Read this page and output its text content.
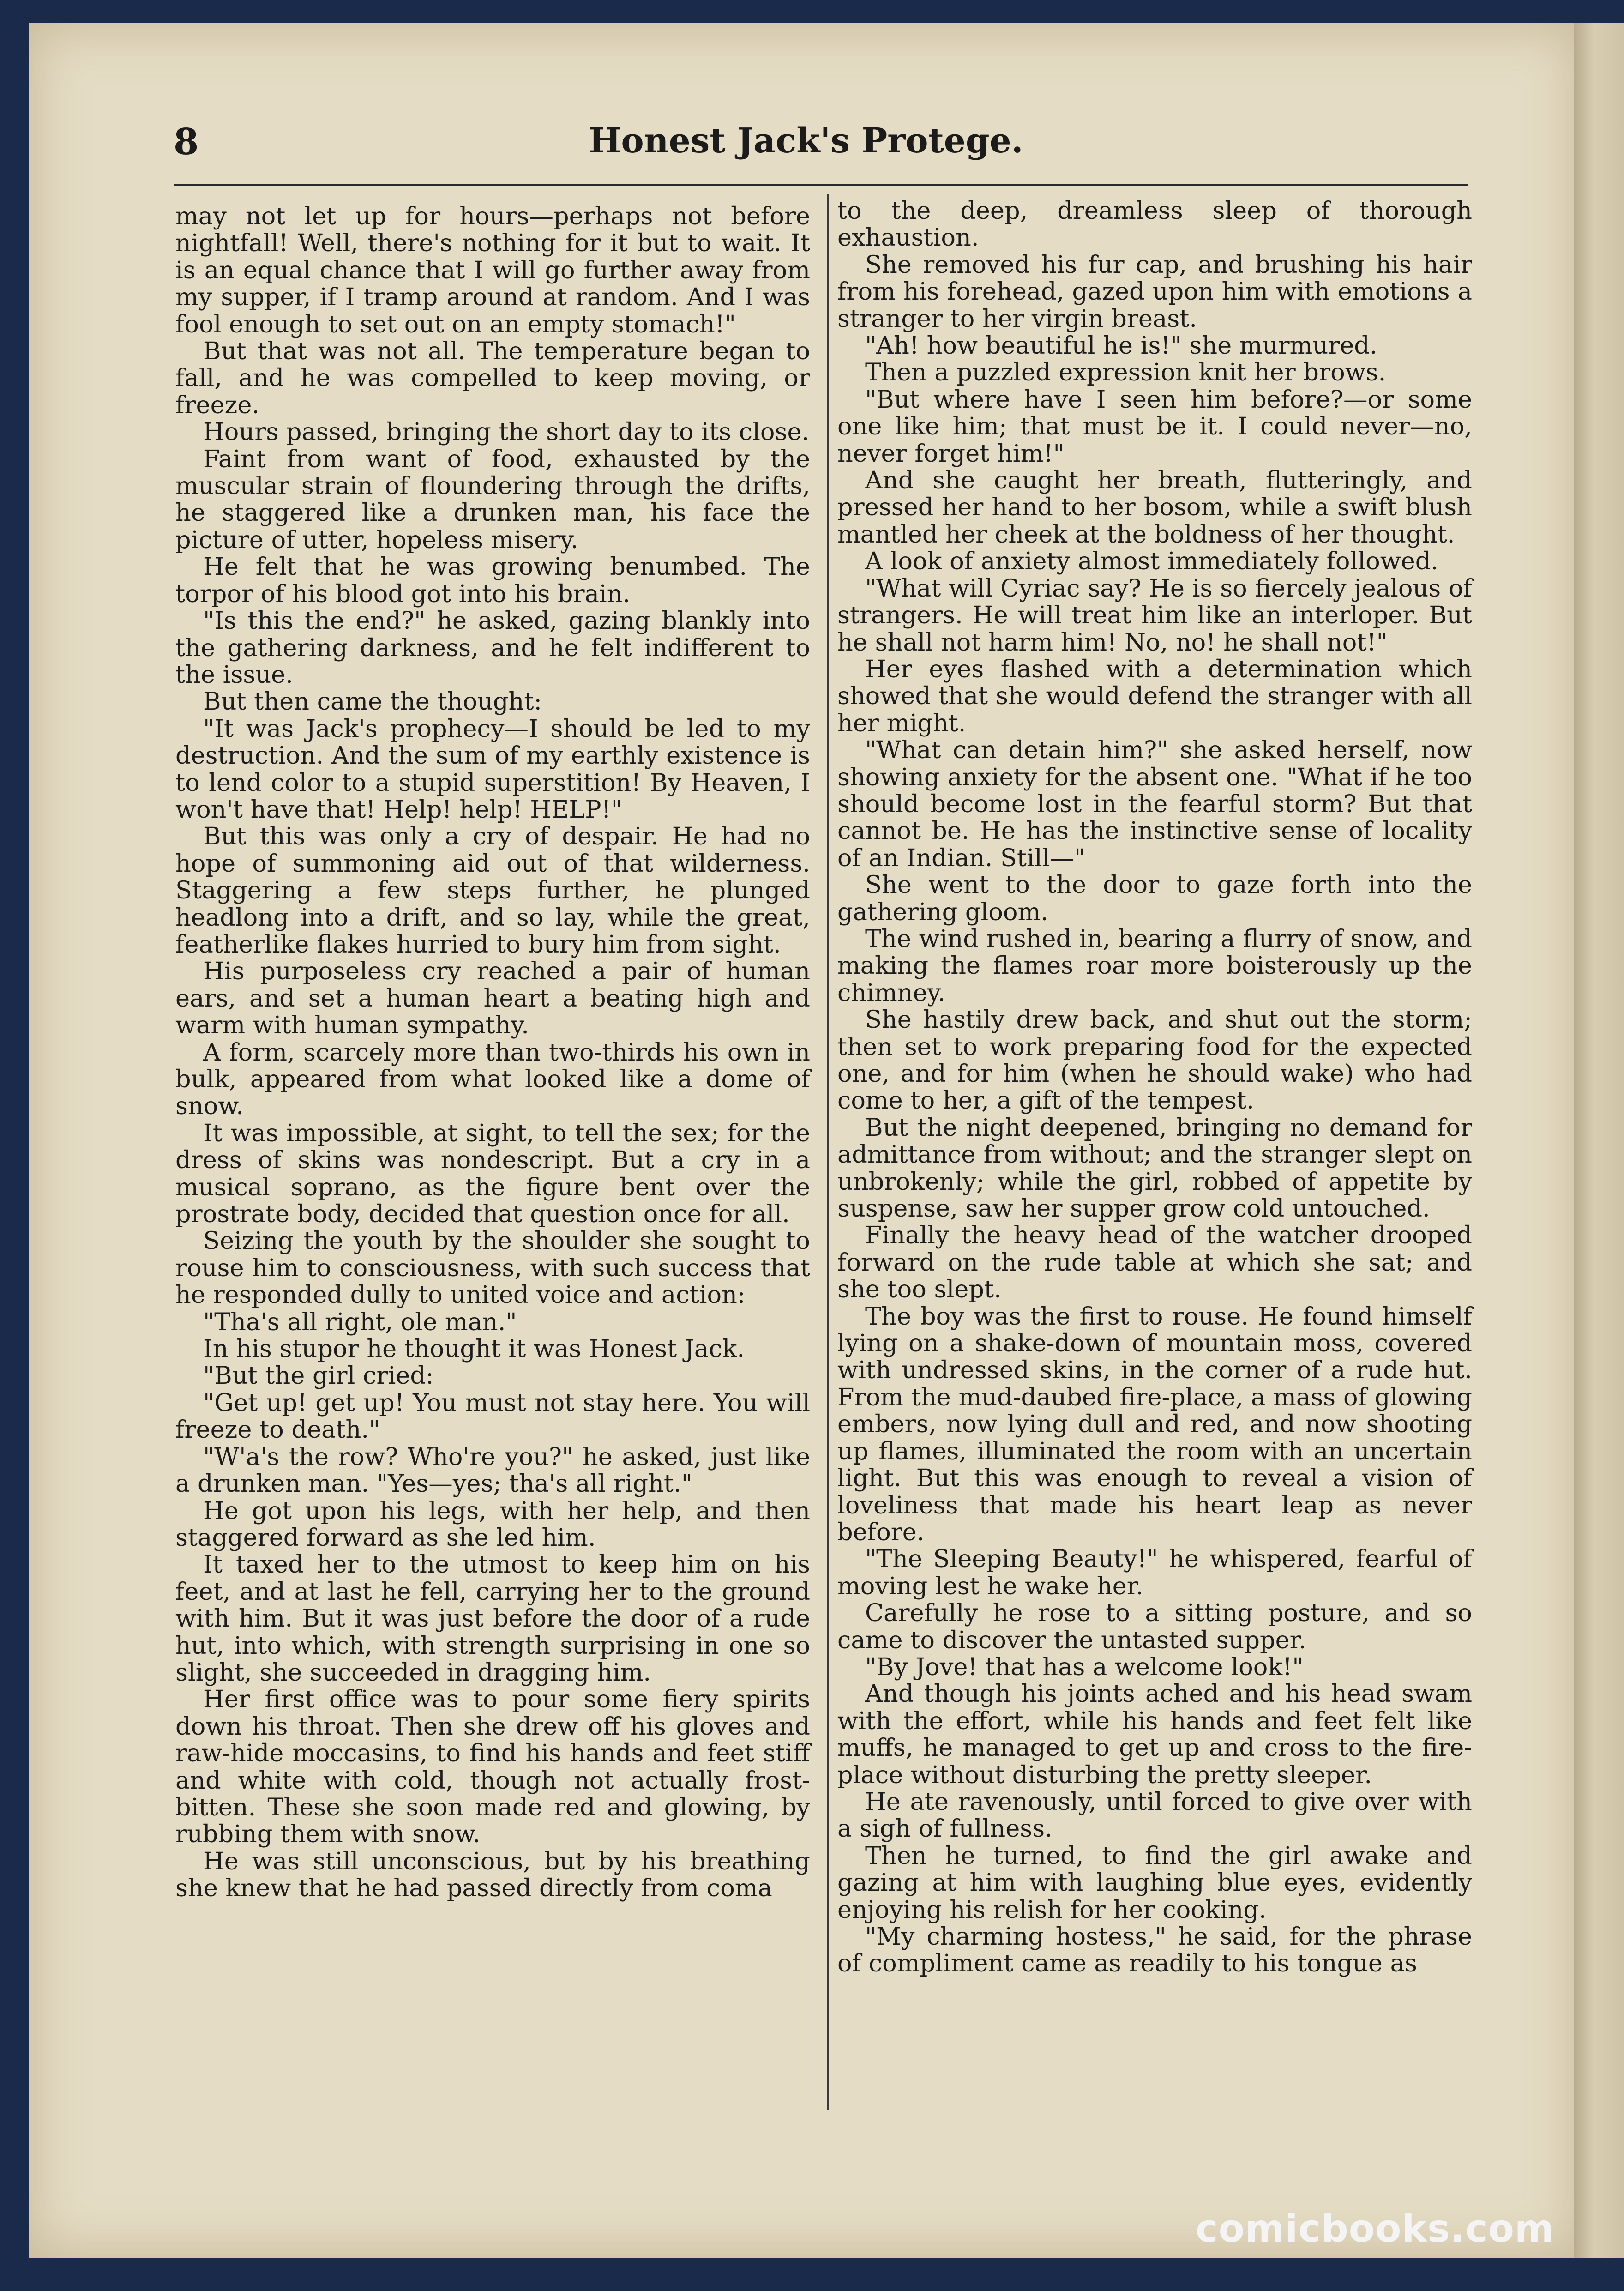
8	Honest Jack's Protege.

may not let up for hours—perhaps not before nightfall! Well, there's nothing for it but to wait. It is an equal chance that I will go further away from my supper, if I tramp around at random. And I was fool enough to set out on an empty stomach!"

But that was not all. The temperature began to fall, and he was compelled to keep moving, or freeze.

Hours passed, bringing the short day to its close.

Faint from want of food, exhausted by the muscular strain of floundering through the drifts, he staggered like a drunken man, his face the picture of utter, hopeless misery.

He felt that he was growing benumbed. The torpor of his blood got into his brain.

"Is this the end?" he asked, gazing blankly into the gathering darkness, and he felt indifferent to the issue.

But then came the thought:

"It was Jack's prophecy—I should be led to my destruction. And the sum of my earthly existence is to lend color to a stupid superstition! By Heaven, I won't have that! Help! help! HELP!"

But this was only a cry of despair. He had no hope of summoning aid out of that wilderness. Staggering a few steps further, he plunged headlong into a drift, and so lay, while the great, featherlike flakes hurried to bury him from sight.

His purposeless cry reached a pair of human ears, and set a human heart a beating high and warm with human sympathy.

A form, scarcely more than two-thirds his own in bulk, appeared from what looked like a dome of snow.

It was impossible, at sight, to tell the sex; for the dress of skins was nondescript. But a cry in a musical soprano, as the figure bent over the prostrate body, decided that question once for all.

Seizing the youth by the shoulder she sought to rouse him to consciousness, with such success that he responded dully to united voice and action:

"Tha's all right, ole man."

In his stupor he thought it was Honest Jack.

"But the girl cried:

"Get up! get up! You must not stay here. You will freeze to death."

"W'a's the row? Who're you?" he asked, just like a drunken man. "Yes—yes; tha's all right."

He got upon his legs, with her help, and then staggered forward as she led him.

It taxed her to the utmost to keep him on his feet, and at last he fell, carrying her to the ground with him. But it was just before the door of a rude hut, into which, with strength surprising in one so slight, she succeeded in dragging him.

Her first office was to pour some fiery spirits down his throat. Then she drew off his gloves and raw-hide moccasins, to find his hands and feet stiff and white with cold, though not actually frost-bitten. These she soon made red and glowing, by rubbing them with snow.

He was still unconscious, but by his breathing she knew that he had passed directly from coma

to the deep, dreamless sleep of thorough exhaustion.

She removed his fur cap, and brushing his hair from his forehead, gazed upon him with emotions a stranger to her virgin breast.

"Ah! how beautiful he is!" she murmured.

Then a puzzled expression knit her brows.

"But where have I seen him before?—or some one like him; that must be it. I could never—no, never forget him!"

And she caught her breath, flutteringly, and pressed her hand to her bosom, while a swift blush mantled her cheek at the boldness of her thought.

A look of anxiety almost immediately followed.

"What will Cyriac say? He is so fiercely jealous of strangers. He will treat him like an interloper. But he shall not harm him! No, no! he shall not!"

Her eyes flashed with a determination which showed that she would defend the stranger with all her might.

"What can detain him?" she asked herself, now showing anxiety for the absent one. "What if he too should become lost in the fearful storm? But that cannot be. He has the instinctive sense of locality of an Indian. Still—"

She went to the door to gaze forth into the gathering gloom.

The wind rushed in, bearing a flurry of snow, and making the flames roar more boisterously up the chimney.

She hastily drew back, and shut out the storm; then set to work preparing food for the expected one, and for him (when he should wake) who had come to her, a gift of the tempest.

But the night deepened, bringing no demand for admittance from without; and the stranger slept on unbrokenly; while the girl, robbed of appetite by suspense, saw her supper grow cold untouched.

Finally the heavy head of the watcher drooped forward on the rude table at which she sat; and she too slept.

The boy was the first to rouse. He found himself lying on a shake-down of mountain moss, covered with undressed skins, in the corner of a rude hut. From the mud-daubed fire-place, a mass of glowing embers, now lying dull and red, and now shooting up flames, illuminated the room with an uncertain light. But this was enough to reveal a vision of loveliness that made his heart leap as never before.

"The Sleeping Beauty!" he whispered, fearful of moving lest he wake her.

Carefully he rose to a sitting posture, and so came to discover the untasted supper.

"By Jove! that has a welcome look!"

And though his joints ached and his head swam with the effort, while his hands and feet felt like muffs, he managed to get up and cross to the fire-place without disturbing the pretty sleeper.

He ate ravenously, until forced to give over with a sigh of fullness.

Then he turned, to find the girl awake and gazing at him with laughing blue eyes, evidently enjoying his relish for her cooking.

"My charming hostess," he said, for the phrase of compliment came as readily to his tongue as

comicbooks.com
